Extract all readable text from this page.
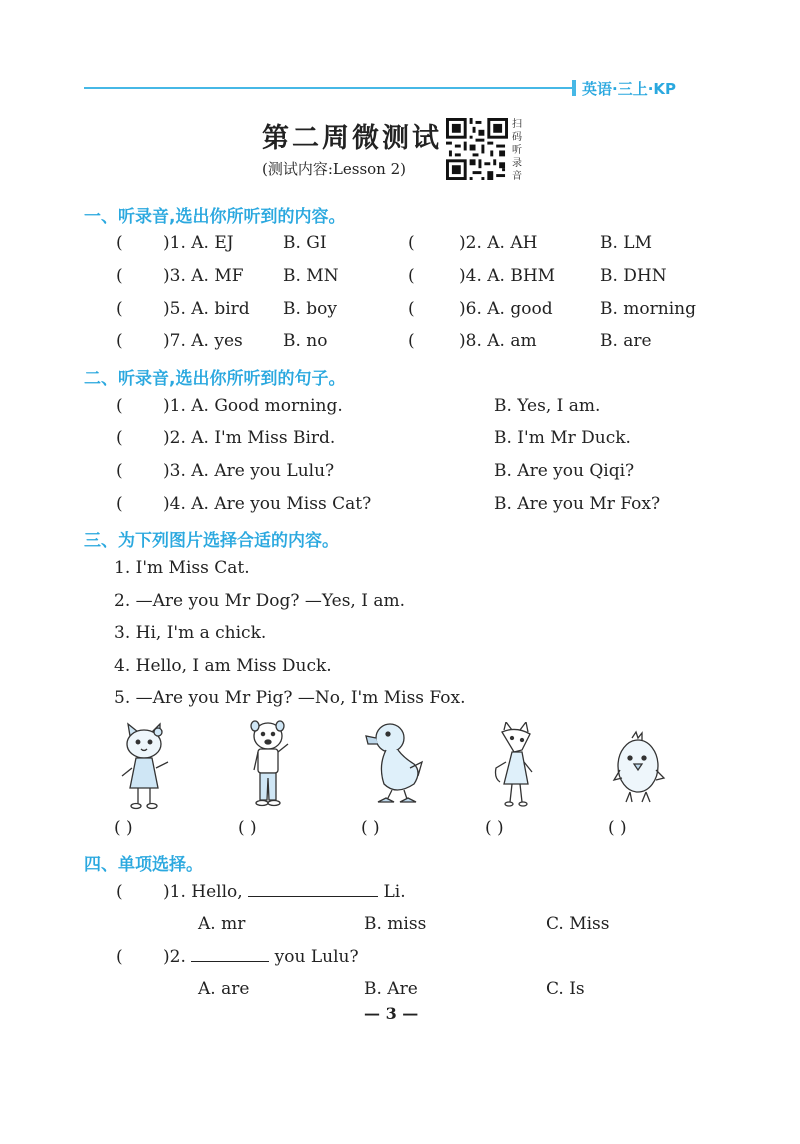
英语·三上·KP
第二周微测试
(测试内容:Lesson 2)
扫码听录音
一、听录音,选出你所听到的内容。
( )1. A. EJ	B. GI	(	)2. A. AH	B. LM
( )3. A. MF B. MN	(	)4. A. BHM	B. DHN
( )5. A. bird B. boy	(	)6. A. good	B. morning
( )7. A. yes B. no	(	)8. A. am	B. are
二、听录音,选出你所听到的句子。
( )1. A. Good morning.	B. Yes, I am.
( )2. A. I'm Miss Bird.	B. I'm Mr Duck.
( )3. A. Are you Lulu?	B. Are you Qiqi?
( )4. A. Are you Miss Cat?	B. Are you Mr Fox?
三、为下列图片选择合适的内容。
1. I'm Miss Cat.
2. —Are you Mr Dog? —Yes, I am.
3. Hi, I'm a chick.
4. Hello, I am Miss Duck.
5. —Are you Mr Pig? —No, I'm Miss Fox.
( )	( )	( )	( )	( )
四、单项选择。
( )1. Hello,	Li.
A. mr	B. miss	C. Miss
( )2.	you Lulu?
A. are	B. Are	C. Is
— 3 —
